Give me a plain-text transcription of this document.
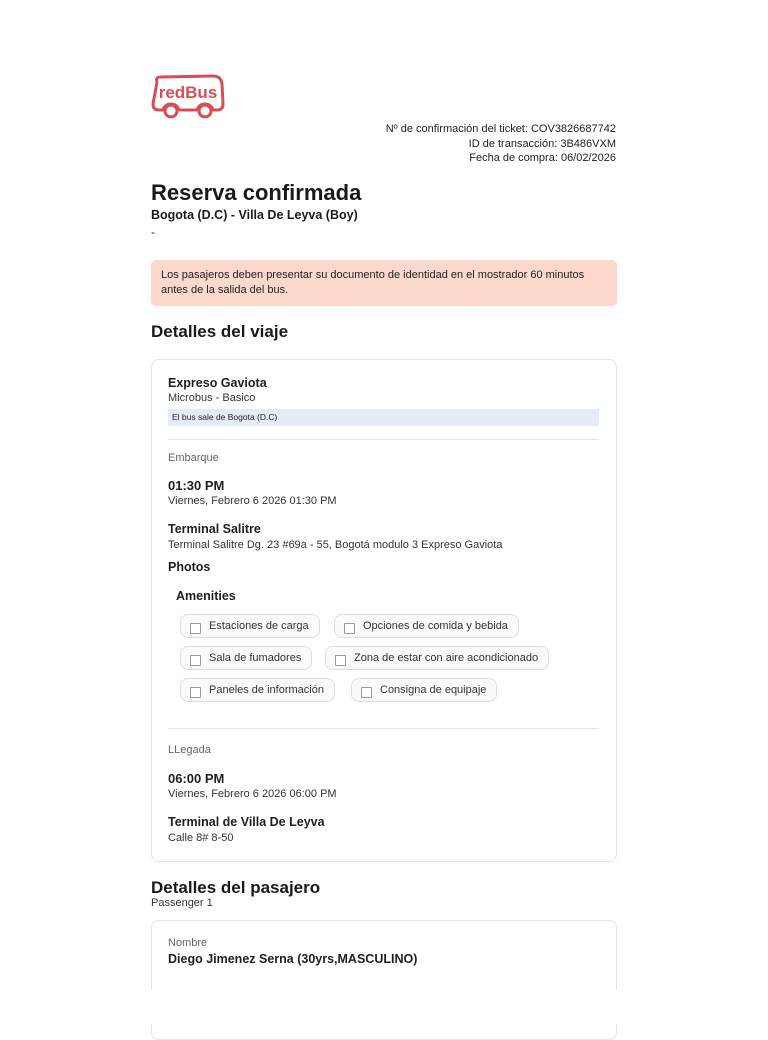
redBus
Nº de confirmación del ticket: COV3826687742
ID de transacción: 3B486VXM
Fecha de compra: 06/02/2026
Reserva confirmada
Bogota (D.C) - Villa De Leyva (Boy)
-
Los pasajeros deben presentar su documento de identidad en el mostrador 60 minutos antes de la salida del bus.
Detalles del viaje
Expreso Gaviota
Microbus - Basico
El bus sale de Bogota (D.C)
Embarque
01:30 PM
Viernes, Febrero 6 2026 01:30 PM
Terminal Salitre
Terminal Salitre Dg. 23 #69a - 55, Bogotá modulo 3 Expreso Gaviota
Photos
Amenities
Estaciones de carga	Opciones de comida y bebida
Sala de fumadores	Zona de estar con aire acondicionado
Paneles de información	Consigna de equipaje
LLegada
06:00 PM
Viernes, Febrero 6 2026 06:00 PM
Terminal de Villa De Leyva
Calle 8# 8-50
Detalles del pasajero
Passenger 1
Nombre
Diego Jimenez Serna (30yrs,MASCULINO)
